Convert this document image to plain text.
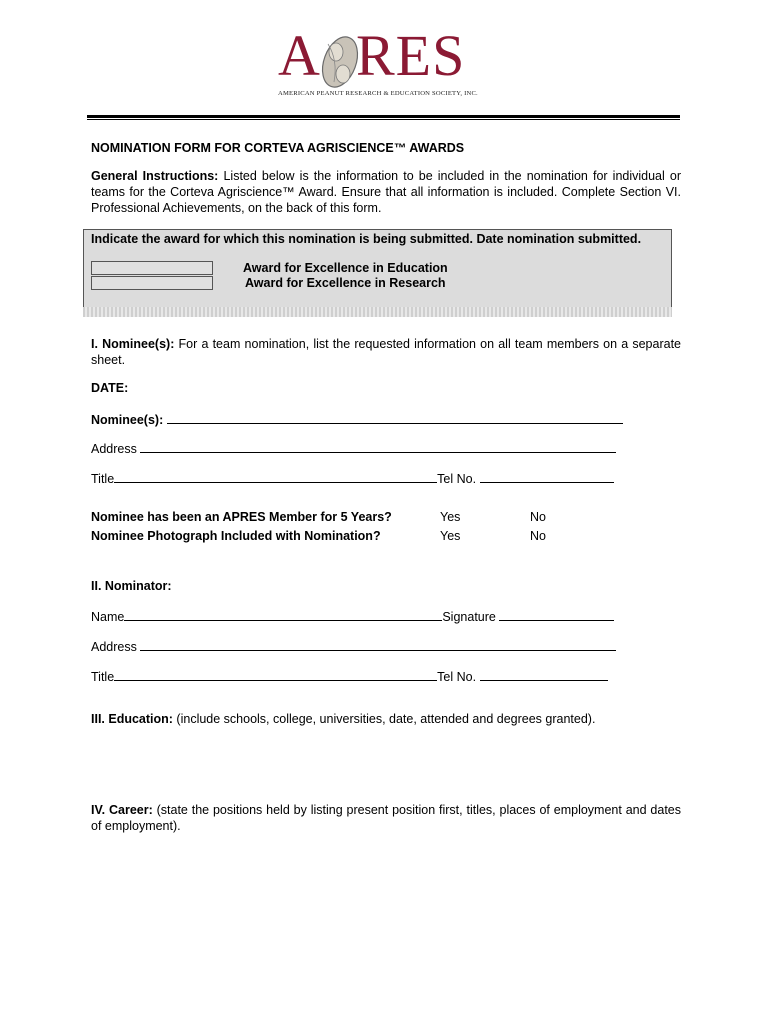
A RES
AMERICAN PEANUT RESEARCH & EDUCATION SOCIETY, INC.
NOMINATION FORM FOR CORTEVA AGRISCIENCE™ AWARDS
General Instructions: Listed below is the information to be included in the nomination for individual or teams for the Corteva Agriscience™ Award. Ensure that all information is included. Complete Section VI. Professional Achievements, on the back of this form.
Indicate the award for which this nomination is being submitted. Date nomination submitted.
Award for Excellence in Education
Award for Excellence in Research
I. Nominee(s): For a team nomination, list the requested information on all team members on a separate sheet.
DATE:
Nominee(s):
Address
Title	Tel No.
Nominee has been an APRES Member for 5 Years?	Yes	No
Nominee Photograph Included with Nomination?	Yes	No
II. Nominator:
Name	Signature
Address
Title	Tel No.
III. Education: (include schools, college, universities, date, attended and degrees granted).
IV. Career: (state the positions held by listing present position first, titles, places of employment and dates of employment).
